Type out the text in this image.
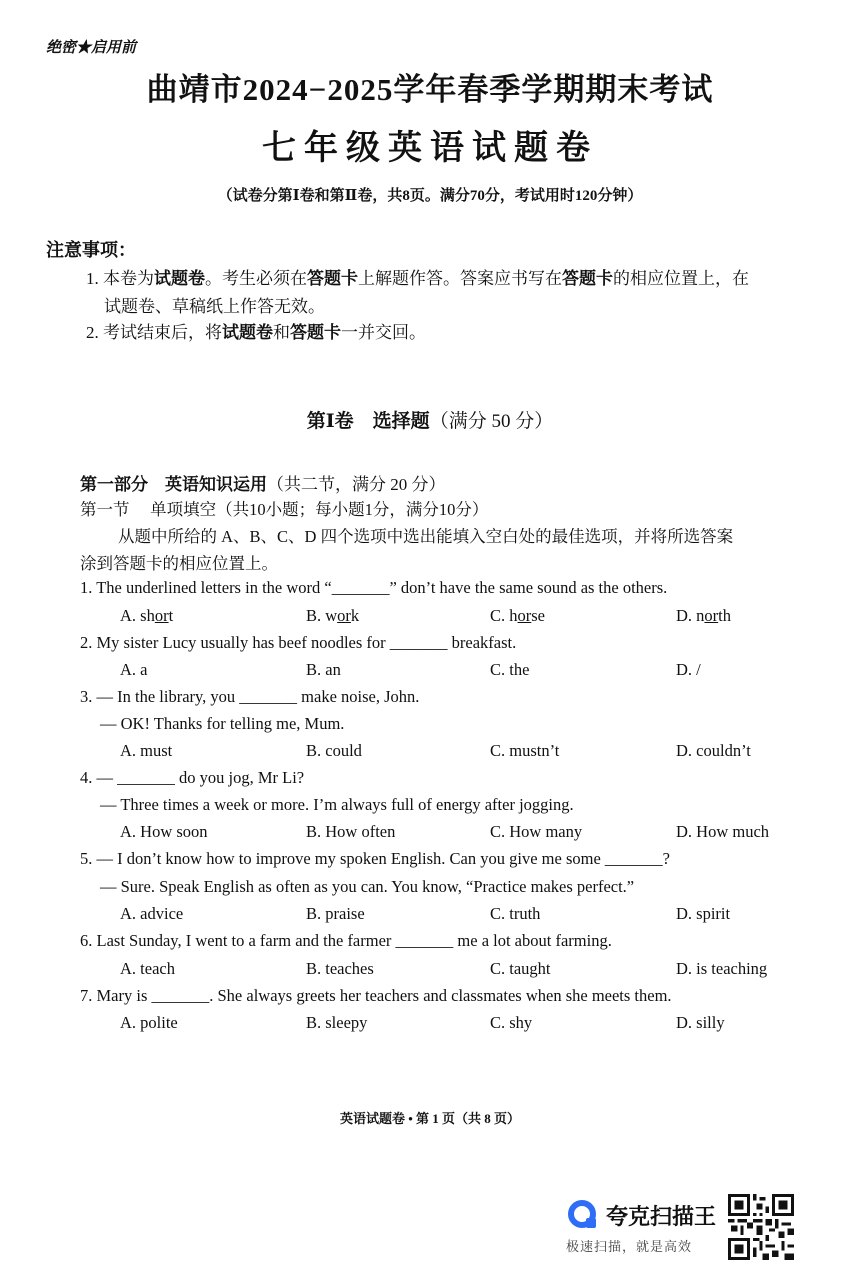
绝密★启用前
曲靖市2024−2025学年春季学期期末考试
七年级英语试题卷
（试卷分第Ⅰ卷和第Ⅱ卷，共8页。满分70分，考试用时120分钟）
注意事项：
1. 本卷为试题卷。考生必须在答题卡上解题作答。答案应书写在答题卡的相应位置上，在
试题卷、草稿纸上作答无效。
2. 考试结束后，将试题卷和答题卡一并交回。
第Ⅰ卷　选择题（满分 50 分）
第一部分　英语知识运用（共二节，满分 20 分）
第一节　 单项填空（共10小题；每小题1分，满分10分）
从题中所给的 A、B、C、D 四个选项中选出能填入空白处的最佳选项，并将所选答案
涂到答题卡的相应位置上。
1. The underlined letters in the word “_______” don’t have the same sound as the others.
A. short	B. work	C. horse	D. north
2. My sister Lucy usually has beef noodles for _______ breakfast.
A. a	B. an	C. the	D. /
3. — In the library, you _______ make noise, John.
— OK! Thanks for telling me, Mum.
A. must	B. could	C. mustn’t	D. couldn’t
4. — _______ do you jog, Mr Li?
— Three times a week or more. I’m always full of energy after jogging.
A. How soon	B. How often	C. How many	D. How much
5. — I don’t know how to improve my spoken English. Can you give me some _______?
— Sure. Speak English as often as you can. You know, “Practice makes perfect.”
A. advice	B. praise	C. truth	D. spirit
6. Last Sunday, I went to a farm and the farmer _______ me a lot about farming.
A. teach	B. teaches	C. taught	D. is teaching
7. Mary is _______. She always greets her teachers and classmates when she meets them.
A. polite	B. sleepy	C. shy	D. silly
英语试题卷 • 第 1 页（共 8 页）
夸克扫描王
极速扫描，就是高效
